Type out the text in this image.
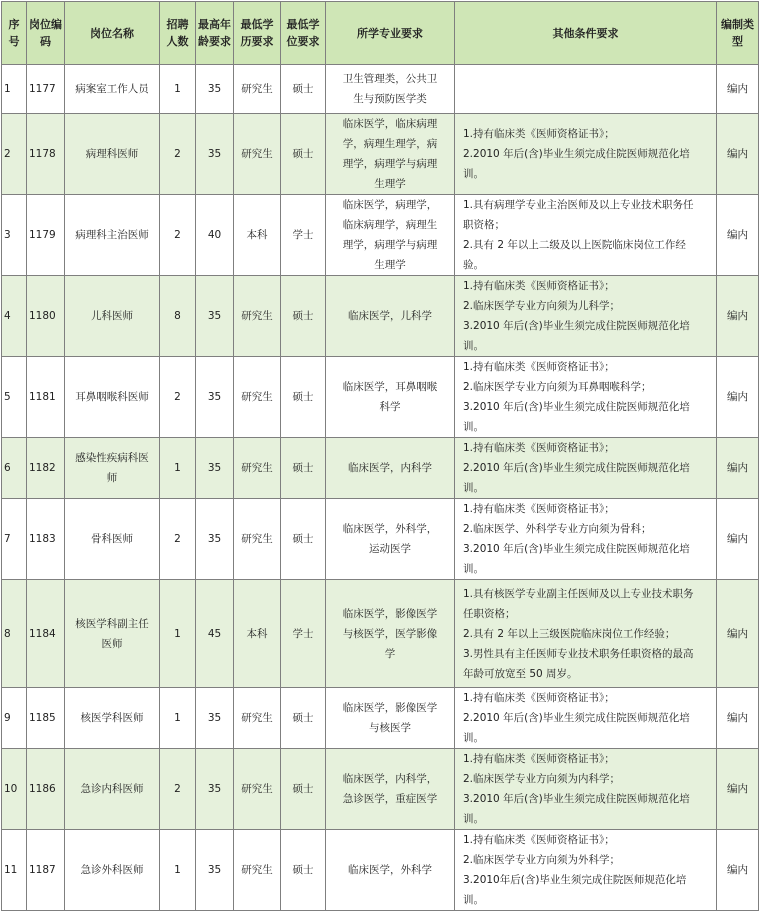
序号	岗位编码	岗位名称	招聘人数	最高年龄要求	最低学历要求	最低学位要求	所学专业要求	其他条件要求	编制类型
1	1177	病案室工作人员	1	35	研究生	硕士	卫生管理类，公共卫生与预防医学类		编内
2	1178	病理科医师	2	35	研究生	硕士	临床医学，临床病理学，病理生理学，病理学，病理学与病理生理学	1.持有临床类《医师资格证书》；
2.2010 年后(含)毕业生须完成住院医师规范化培训。	编内
3	1179	病理科主治医师	2	40	本科	学士	临床医学，病理学，临床病理学，病理生理学，病理学与病理生理学	1.具有病理学专业主治医师及以上专业技术职务任职资格；
2.具有 2 年以上二级及以上医院临床岗位工作经验。	编内
4	1180	儿科医师	8	35	研究生	硕士	临床医学，儿科学	1.持有临床类《医师资格证书》；
2.临床医学专业方向须为儿科学；
3.2010 年后(含)毕业生须完成住院医师规范化培训。	编内
5	1181	耳鼻咽喉科医师	2	35	研究生	硕士	临床医学，耳鼻咽喉科学	1.持有临床类《医师资格证书》；
2.临床医学专业方向须为耳鼻咽喉科学；
3.2010 年后(含)毕业生须完成住院医师规范化培训。	编内
6	1182	感染性疾病科医师	1	35	研究生	硕士	临床医学，内科学	1.持有临床类《医师资格证书》；
2.2010 年后(含)毕业生须完成住院医师规范化培训。	编内
7	1183	骨科医师	2	35	研究生	硕士	临床医学，外科学，运动医学	1.持有临床类《医师资格证书》；
2.临床医学、外科学专业方向须为骨科；
3.2010 年后(含)毕业生须完成住院医师规范化培训。	编内
8	1184	核医学科副主任医师	1	45	本科	学士	临床医学，影像医学与核医学，医学影像学	1.具有核医学专业副主任医师及以上专业技术职务任职资格；
2.具有 2 年以上三级医院临床岗位工作经验；
3.男性具有主任医师专业技术职务任职资格的最高年龄可放宽至 50 周岁。	编内
9	1185	核医学科医师	1	35	研究生	硕士	临床医学，影像医学与核医学	1.持有临床类《医师资格证书》；
2.2010 年后(含)毕业生须完成住院医师规范化培训。	编内
10	1186	急诊内科医师	2	35	研究生	硕士	临床医学，内科学，急诊医学，重症医学	1.持有临床类《医师资格证书》；
2.临床医学专业方向须为内科学；
3.2010 年后(含)毕业生须完成住院医师规范化培训。	编内
11	1187	急诊外科医师	1	35	研究生	硕士	临床医学，外科学	1.持有临床类《医师资格证书》；
2.临床医学专业方向须为外科学；
3.2010年后(含)毕业生须完成住院医师规范化培训。	编内
